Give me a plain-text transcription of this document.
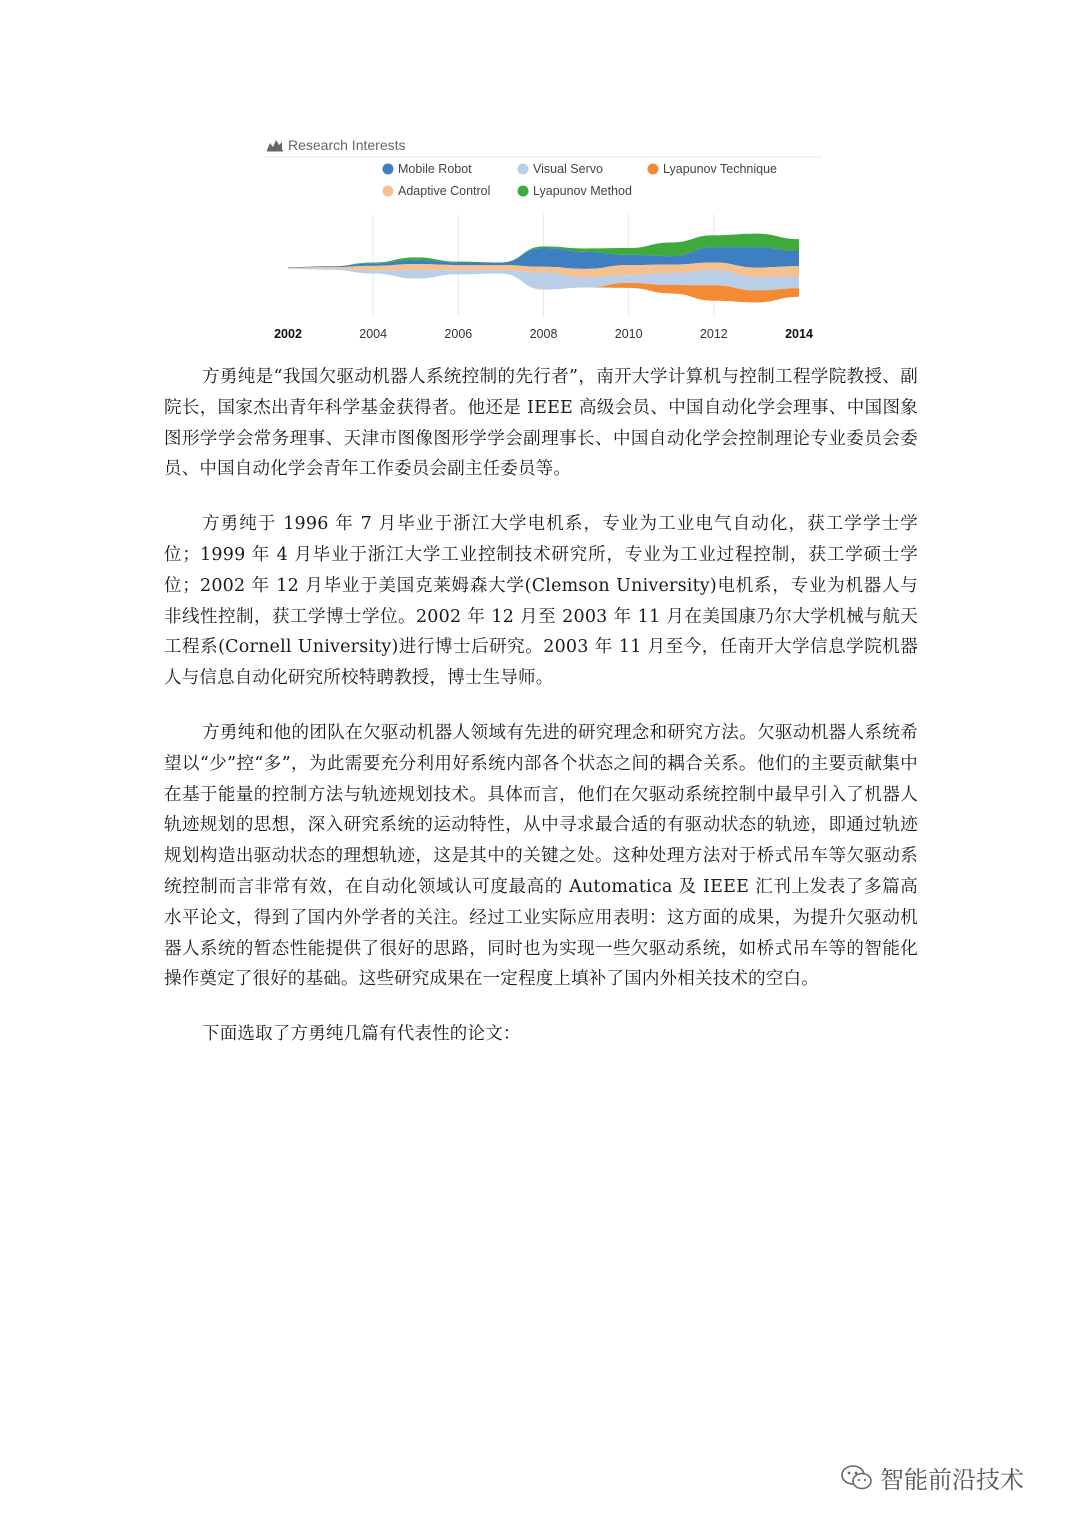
Research Interests
Mobile Robot	Visual Servo	Lyapunov Technique
Adaptive Control	Lyapunov Method
2002	2004	2006	2008	2010	2012	2014

方勇纯是“我国欠驱动机器人系统控制的先行者”，南开大学计算机与控制工程学院教授、副院长，国家杰出青年科学基金获得者。他还是 IEEE 高级会员、中国自动化学会理事、中国图象图形学学会常务理事、天津市图像图形学学会副理事长、中国自动化学会控制理论专业委员会委员、中国自动化学会青年工作委员会副主任委员等。

方勇纯于 1996 年 7 月毕业于浙江大学电机系，专业为工业电气自动化，获工学学士学位；1999 年 4 月毕业于浙江大学工业控制技术研究所，专业为工业过程控制，获工学硕士学位；2002 年 12 月毕业于美国克莱姆森大学(Clemson University)电机系，专业为机器人与非线性控制，获工学博士学位。2002 年 12 月至 2003 年 11 月在美国康乃尔大学机械与航天工程系(Cornell University)进行博士后研究。2003 年 11 月至今，任南开大学信息学院机器人与信息自动化研究所校特聘教授，博士生导师。

方勇纯和他的团队在欠驱动机器人领域有先进的研究理念和研究方法。欠驱动机器人系统希望以“少”控“多”，为此需要充分利用好系统内部各个状态之间的耦合关系。他们的主要贡献集中在基于能量的控制方法与轨迹规划技术。具体而言，他们在欠驱动系统控制中最早引入了机器人轨迹规划的思想，深入研究系统的运动特性，从中寻求最合适的有驱动状态的轨迹，即通过轨迹规划构造出驱动状态的理想轨迹，这是其中的关键之处。这种处理方法对于桥式吊车等欠驱动系统控制而言非常有效，在自动化领域认可度最高的 Automatica 及 IEEE 汇刊上发表了多篇高水平论文，得到了国内外学者的关注。经过工业实际应用表明：这方面的成果，为提升欠驱动机器人系统的暂态性能提供了很好的思路，同时也为实现一些欠驱动系统，如桥式吊车等的智能化操作奠定了很好的基础。这些研究成果在一定程度上填补了国内外相关技术的空白。

下面选取了方勇纯几篇有代表性的论文：

智能前沿技术
